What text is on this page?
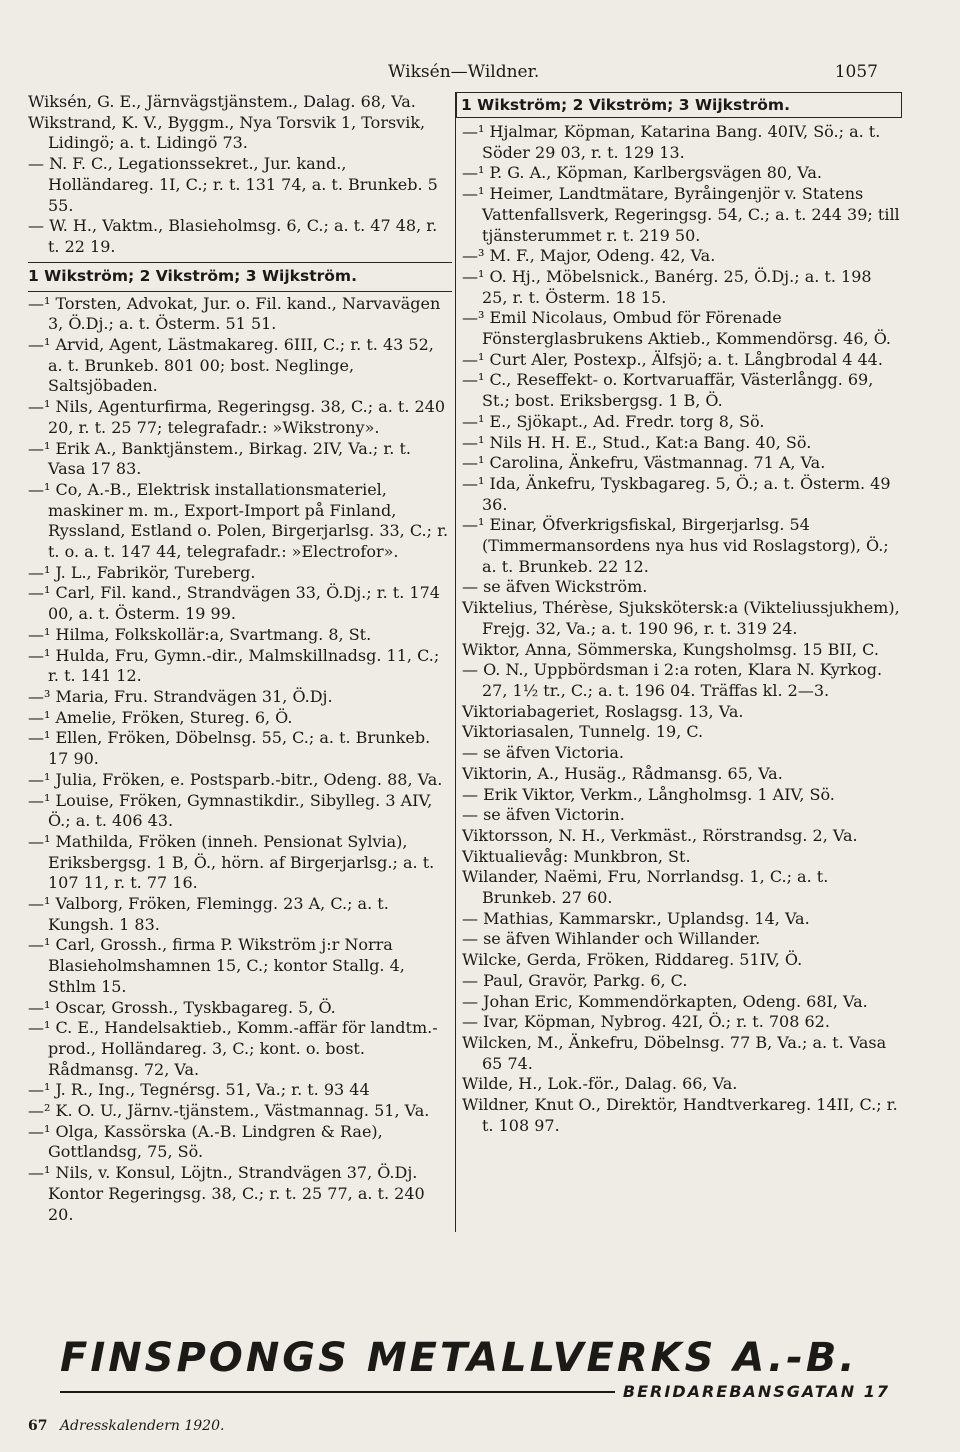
Wiksén—Wildner.	1057

Wiksén, G. E., Järnvägstjänstem., Dalag. 68, Va.

Wikstrand, K. V., Byggm., Nya Torsvik 1, Torsvik, Lidingö; a. t. Lidingö 73.

— N. F. C., Legationssekret., Jur. kand., Holländareg. 1I, C.; r. t. 131 74, a. t. Brunkeb. 5 55.

— W. H., Vaktm., Blasieholmsg. 6, C.; a. t. 47 48, r. t. 22 19.

1 Wikström; 2 Vikström; 3 Wijkström.

—¹ Torsten, Advokat, Jur. o. Fil. kand., Narvavägen 3, Ö.Dj.; a. t. Österm. 51 51.

—¹ Arvid, Agent, Lästmakareg. 6III, C.; r. t. 43 52, a. t. Brunkeb. 801 00; bost. Neglinge, Saltsjöbaden.

—¹ Nils, Agenturfirma, Regeringsg. 38, C.; a. t. 240 20, r. t. 25 77; telegrafadr.: »Wikstrony».

—¹ Erik A., Banktjänstem., Birkag. 2IV, Va.; r. t. Vasa 17 83.

—¹ Co, A.-B., Elektrisk installationsmateriel, maskiner m. m., Export-Import på Finland, Ryssland, Estland o. Polen, Birgerjarlsg. 33, C.; r. t. o. a. t. 147 44, telegrafadr.: »Electrofor».

—¹ J. L., Fabrikör, Tureberg.

—¹ Carl, Fil. kand., Strandvägen 33, Ö.Dj.; r. t. 174 00, a. t. Österm. 19 99.

—¹ Hilma, Folkskollär:a, Svartmang. 8, St.

—¹ Hulda, Fru, Gymn.-dir., Malmskillnadsg. 11, C.; r. t. 141 12.

—³ Maria, Fru. Strandvägen 31, Ö.Dj.

—¹ Amelie, Fröken, Stureg. 6, Ö.

—¹ Ellen, Fröken, Döbelnsg. 55, C.; a. t. Brunkeb. 17 90.

—¹ Julia, Fröken, e. Postsparb.-bitr., Odeng. 88, Va.

—¹ Louise, Fröken, Gymnastikdir., Sibylleg. 3 AIV, Ö.; a. t. 406 43.

—¹ Mathilda, Fröken (inneh. Pensionat Sylvia), Eriksbergsg. 1 B, Ö., hörn. af Birgerjarlsg.; a. t. 107 11, r. t. 77 16.

—¹ Valborg, Fröken, Flemingg. 23 A, C.; a. t. Kungsh. 1 83.

—¹ Carl, Grossh., firma P. Wikström j:r Norra Blasieholmshamnen 15, C.; kontor Stallg. 4, Sthlm 15.

—¹ Oscar, Grossh., Tyskbagareg. 5, Ö.

—¹ C. E., Handelsaktieb., Komm.-affär för landtm.-prod., Holländareg. 3, C.; kont. o. bost. Rådmansg. 72, Va.

—¹ J. R., Ing., Tegnérsg. 51, Va.; r. t. 93 44

—² K. O. U., Järnv.-tjänstem., Västmannag. 51, Va.

—¹ Olga, Kassörska (A.-B. Lindgren & Rae), Gottlandsg, 75, Sö.

—¹ Nils, v. Konsul, Löjtn., Strandvägen 37, Ö.Dj. Kontor Regeringsg. 38, C.; r. t. 25 77, a. t. 240 20.

1 Wikström; 2 Vikström; 3 Wijkström.

—¹ Hjalmar, Köpman, Katarina Bang. 40IV, Sö.; a. t. Söder 29 03, r. t. 129 13.

—¹ P. G. A., Köpman, Karlbergsvägen 80, Va.

—¹ Heimer, Landtmätare, Byråingenjör v. Statens Vattenfallsverk, Regeringsg. 54, C.; a. t. 244 39; till tjänsterummet r. t. 219 50.

—³ M. F., Major, Odeng. 42, Va.

—¹ O. Hj., Möbelsnick., Banérg. 25, Ö.Dj.; a. t. 198 25, r. t. Österm. 18 15.

—³ Emil Nicolaus, Ombud för Förenade Fönsterglasbrukens Aktieb., Kommendörsg. 46, Ö.

—¹ Curt Aler, Postexp., Älfsjö; a. t. Långbrodal 4 44.

—¹ C., Reseffekt- o. Kortvaruaffär, Västerlångg. 69, St.; bost. Eriksbergsg. 1 B, Ö.

—¹ E., Sjökapt., Ad. Fredr. torg 8, Sö.

—¹ Nils H. H. E., Stud., Kat:a Bang. 40, Sö.

—¹ Carolina, Änkefru, Västmannag. 71 A, Va.

—¹ Ida, Änkefru, Tyskbagareg. 5, Ö.; a. t. Österm. 49 36.

—¹ Einar, Öfverkrigsfiskal, Birgerjarlsg. 54 (Timmermansordens nya hus vid Roslagstorg), Ö.; a. t. Brunkeb. 22 12.

— se äfven Wickström.

Viktelius, Thérèse, Sjukskötersk:a (Vikteliussjukhem), Frejg. 32, Va.; a. t. 190 96, r. t. 319 24.

Wiktor, Anna, Sömmerska, Kungsholmsg. 15 BII, C.

— O. N., Uppbördsman i 2:a roten, Klara N. Kyrkog. 27, 1½ tr., C.; a. t. 196 04. Träffas kl. 2—3.

Viktoriabageriet, Roslagsg. 13, Va.

Viktoriasalen, Tunnelg. 19, C.

— se äfven Victoria.

Viktorin, A., Husäg., Rådmansg. 65, Va.

— Erik Viktor, Verkm., Långholmsg. 1 AIV, Sö.

— se äfven Victorin.

Viktorsson, N. H., Verkmäst., Rörstrandsg. 2, Va.

Viktualievåg: Munkbron, St.

Wilander, Naëmi, Fru, Norrlandsg. 1, C.; a. t. Brunkeb. 27 60.

— Mathias, Kammarskr., Uplandsg. 14, Va.

— se äfven Wihlander och Willander.

Wilcke, Gerda, Fröken, Riddareg. 51IV, Ö.

— Paul, Gravör, Parkg. 6, C.

— Johan Eric, Kommendörkapten, Odeng. 68I, Va.

— Ivar, Köpman, Nybrog. 42I, Ö.; r. t. 708 62.

Wilcken, M., Änkefru, Döbelnsg. 77 B, Va.; a. t. Vasa 65 74.

Wilde, H., Lok.-för., Dalag. 66, Va.

Wildner, Knut O., Direktör, Handtverkareg. 14II, C.; r. t. 108 97.

FINSPONGS METALLVERKS A.-B.
BERIDAREBANSGATAN 17
67 Adresskalendern 1920.
